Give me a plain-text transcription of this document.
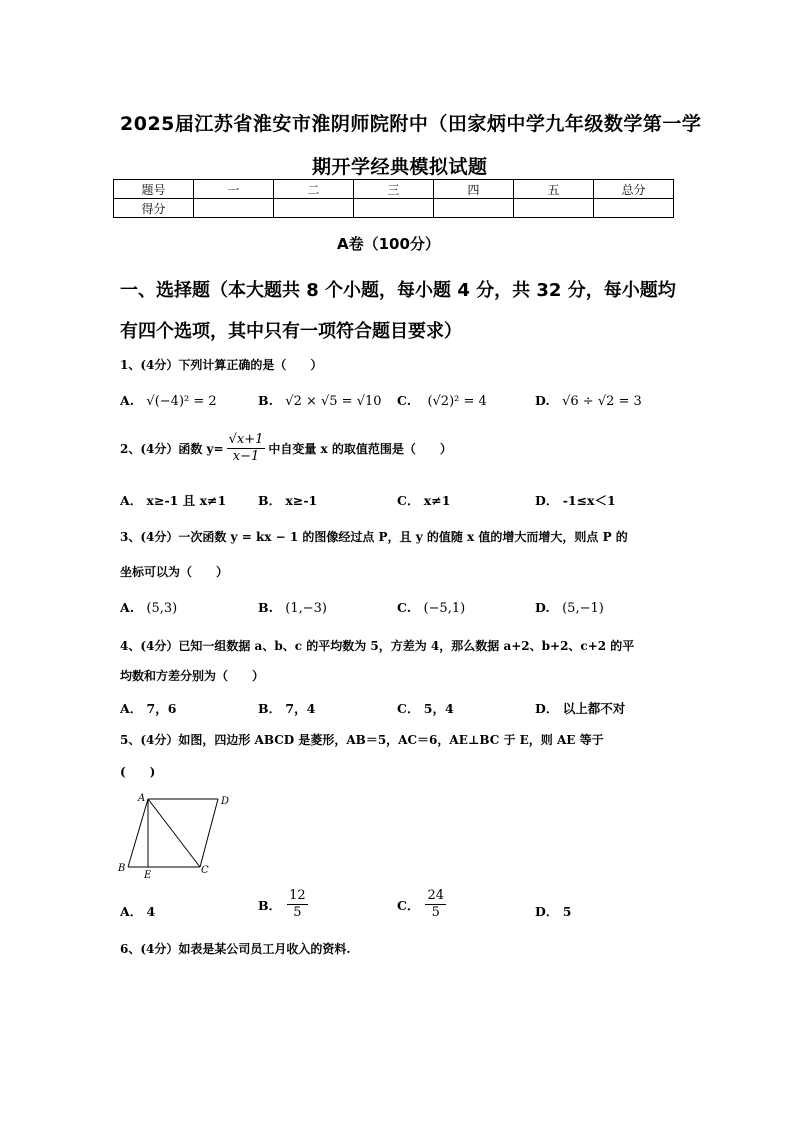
2025届江苏省淮安市淮阴师院附中（田家炳中学九年级数学第一学
期开学经典模拟试题
题号	一	二	三	四	五	总分
得分						
A卷（100分）
一、选择题（本大题共 8 个小题，每小题 4 分，共 32 分，每小题均
有四个选项，其中只有一项符合题目要求）
1、(4分）下列计算正确的是（　　）
A. √(−4)² = 2	B. √2 × √5 = √10 C. (√2)² = 4	D. √6 ÷ √2 = 3
2、(4分）函数 $y= \frac{√x+1}{x-1}$ 中自变量 x 的取值范围是（　　）
A． x≥-1 且 x≠1	B． x≥-1	C． x≠1	D． -1≤x＜1
3、(4分）一次函数 y = kx − 1 的图像经过点 P，且 y 的值随 x 值的增大而增大，则点 P 的
坐标可以为（　　）
A. (5,3)	B. (1,−3)	C. (−5,1)	D. (5,−1)
4、(4分）已知一组数据 a、b、c 的平均数为 5，方差为 4，那么数据 a+2、b+2、c+2 的平
均数和方差分别为（　　）
A． 7，6	B． 7，4	C． 5，4	D． 以上都不对
5、(4分）如图，四边形 ABCD 是菱形，AB＝5，AC＝6，AE⊥BC 于 E，则 AE 等于
(　　)
A	D
B
E	C
A． 4	B． $\frac{12}{5}$	C． $\frac{24}{5}$	D． 5
6、(4分）如表是某公司员工月收入的资料.
